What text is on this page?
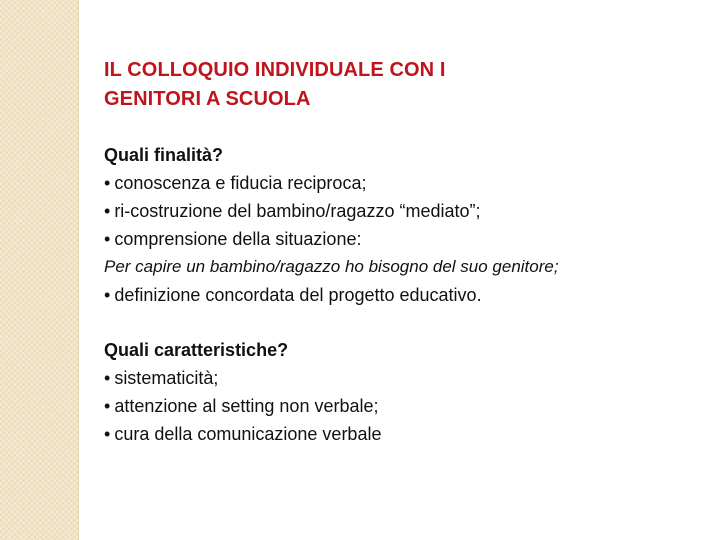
IL COLLOQUIO INDIVIDUALE CON I

GENITORI A SCUOLA

Quali finalità?

• conoscenza e fiducia reciproca;

• ri-costruzione del bambino/ragazzo “mediato”;

• comprensione della situazione:

Per capire un bambino/ragazzo ho bisogno del suo genitore;

• definizione concordata del progetto educativo.

Quali caratteristiche?

• sistematicità;

• attenzione al setting non verbale;

• cura della comunicazione verbale
